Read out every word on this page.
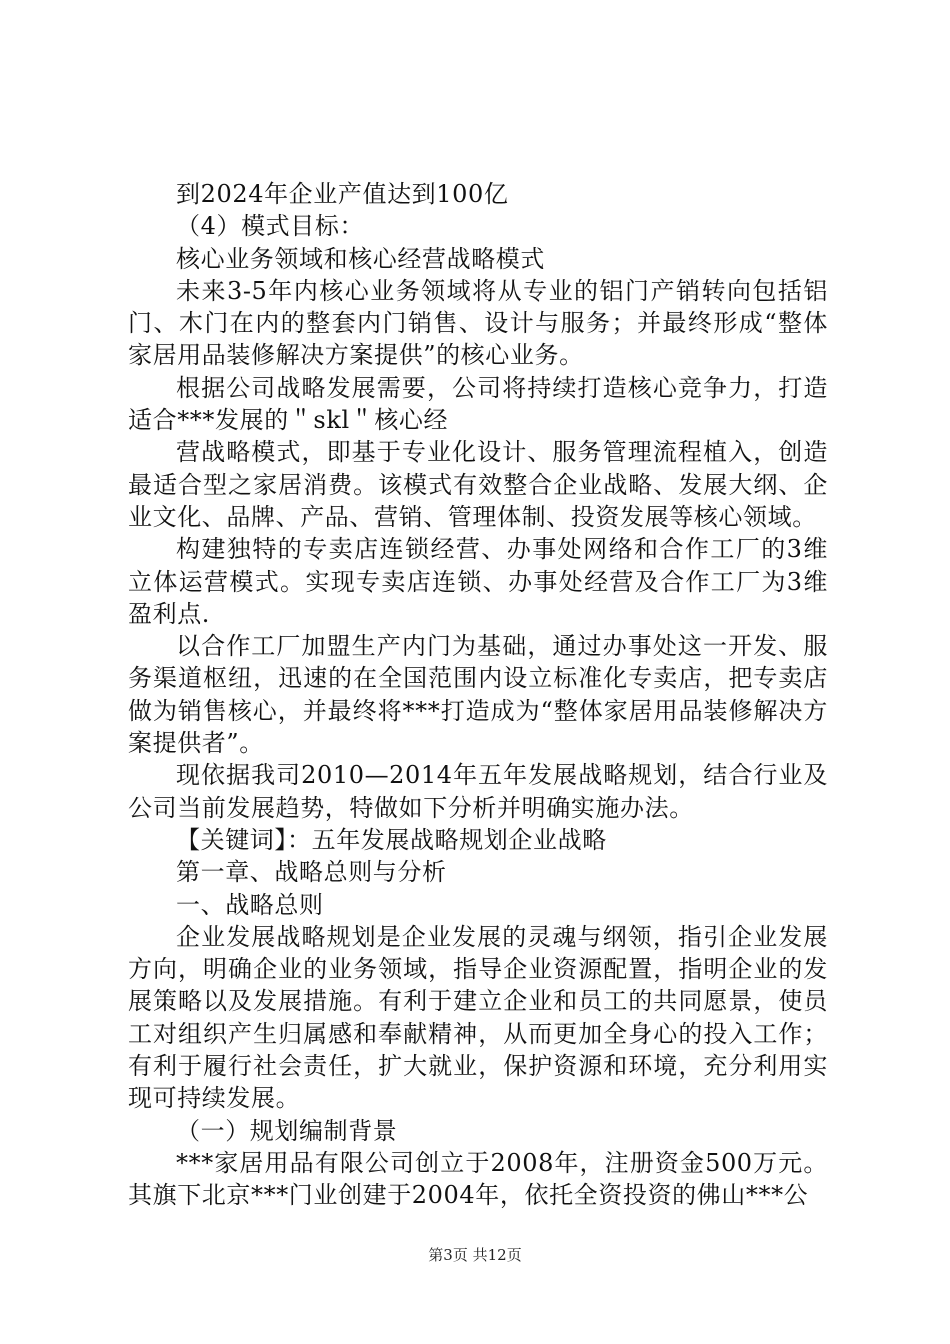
到2024年企业产值达到100亿

（4）模式目标：

核心业务领域和核心经营战略模式

未来3-5年内核心业务领域将从专业的铝门产销转向包括铝门、木门在内的整套内门销售、设计与服务；并最终形成“整体家居用品装修解决方案提供”的核心业务。

根据公司战略发展需要，公司将持续打造核心竞争力，打造适合***发展的＂skl＂核心经

营战略模式，即基于专业化设计、服务管理流程植入，创造最适合型之家居消费。该模式有效整合企业战略、发展大纲、企业文化、品牌、产品、营销、管理体制、投资发展等核心领域。

构建独特的专卖店连锁经营、办事处网络和合作工厂的3维立体运营模式。实现专卖店连锁、办事处经营及合作工厂为3维盈利点.

以合作工厂加盟生产内门为基础，通过办事处这一开发、服务渠道枢纽，迅速的在全国范围内设立标准化专卖店，把专卖店做为销售核心，并最终将***打造成为“整体家居用品装修解决方案提供者”。

现依据我司2010—2014年五年发展战略规划，结合行业及公司当前发展趋势，特做如下分析并明确实施办法。

【关键词】：五年发展战略规划企业战略

第一章、战略总则与分析

一、战略总则

企业发展战略规划是企业发展的灵魂与纲领，指引企业发展方向，明确企业的业务领域，指导企业资源配置，指明企业的发展策略以及发展措施。有利于建立企业和员工的共同愿景，使员工对组织产生归属感和奉献精神，从而更加全身心的投入工作；有利于履行社会责任，扩大就业，保护资源和环境，充分利用实现可持续发展。

（一）规划编制背景

***家居用品有限公司创立于2008年，注册资金500万元。其旗下北京***门业创建于2004年，依托全资投资的佛山***公

第3页 共12页
